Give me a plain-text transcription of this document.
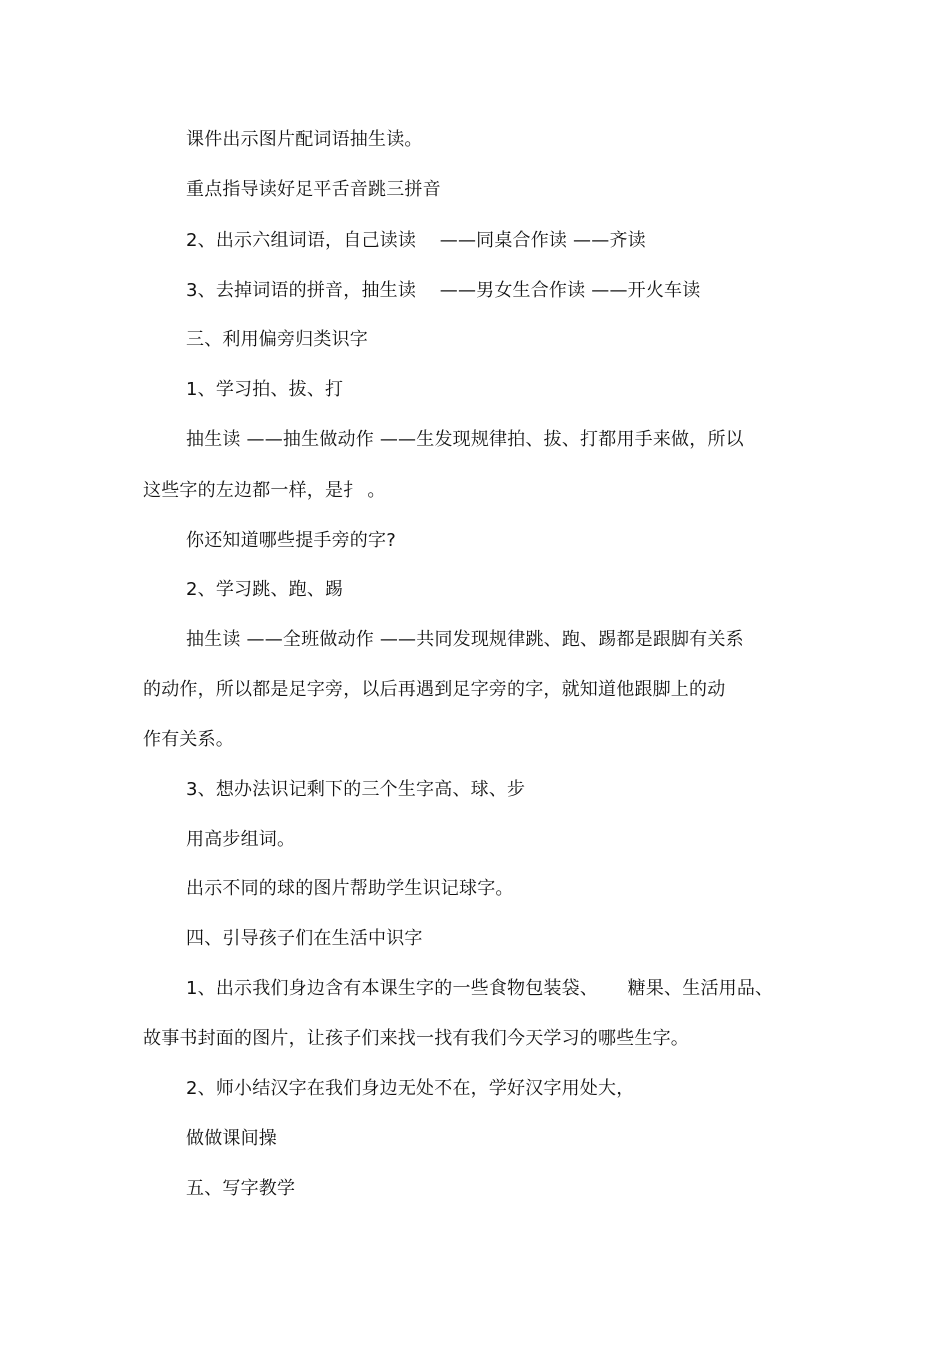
课件出示图片配词语抽生读。
重点指导读好足平舌音跳三拼音
2、出示六组词语，自己读读    ——同桌合作读 ——齐读
3、去掉词语的拼音，抽生读    ——男女生合作读 ——开火车读
三、利用偏旁归类识字
1、学习拍、拔、打
抽生读 ——抽生做动作 ——生发现规律拍、拔、打都用手来做，所以
这些字的左边都一样，是扌 。
你还知道哪些提手旁的字?
2、学习跳、跑、踢
抽生读 ——全班做动作 ——共同发现规律跳、跑、踢都是跟脚有关系
的动作，所以都是足字旁，以后再遇到足字旁的字，就知道他跟脚上的动
作有关系。
3、想办法识记剩下的三个生字高、球、步
用高步组词。
出示不同的球的图片帮助学生识记球字。
四、引导孩子们在生活中识字
1、出示我们身边含有本课生字的一些食物包装袋、     糖果、生活用品、
故事书封面的图片，让孩子们来找一找有我们今天学习的哪些生字。
2、师小结汉字在我们身边无处不在，学好汉字用处大，
做做课间操
五、写字教学
